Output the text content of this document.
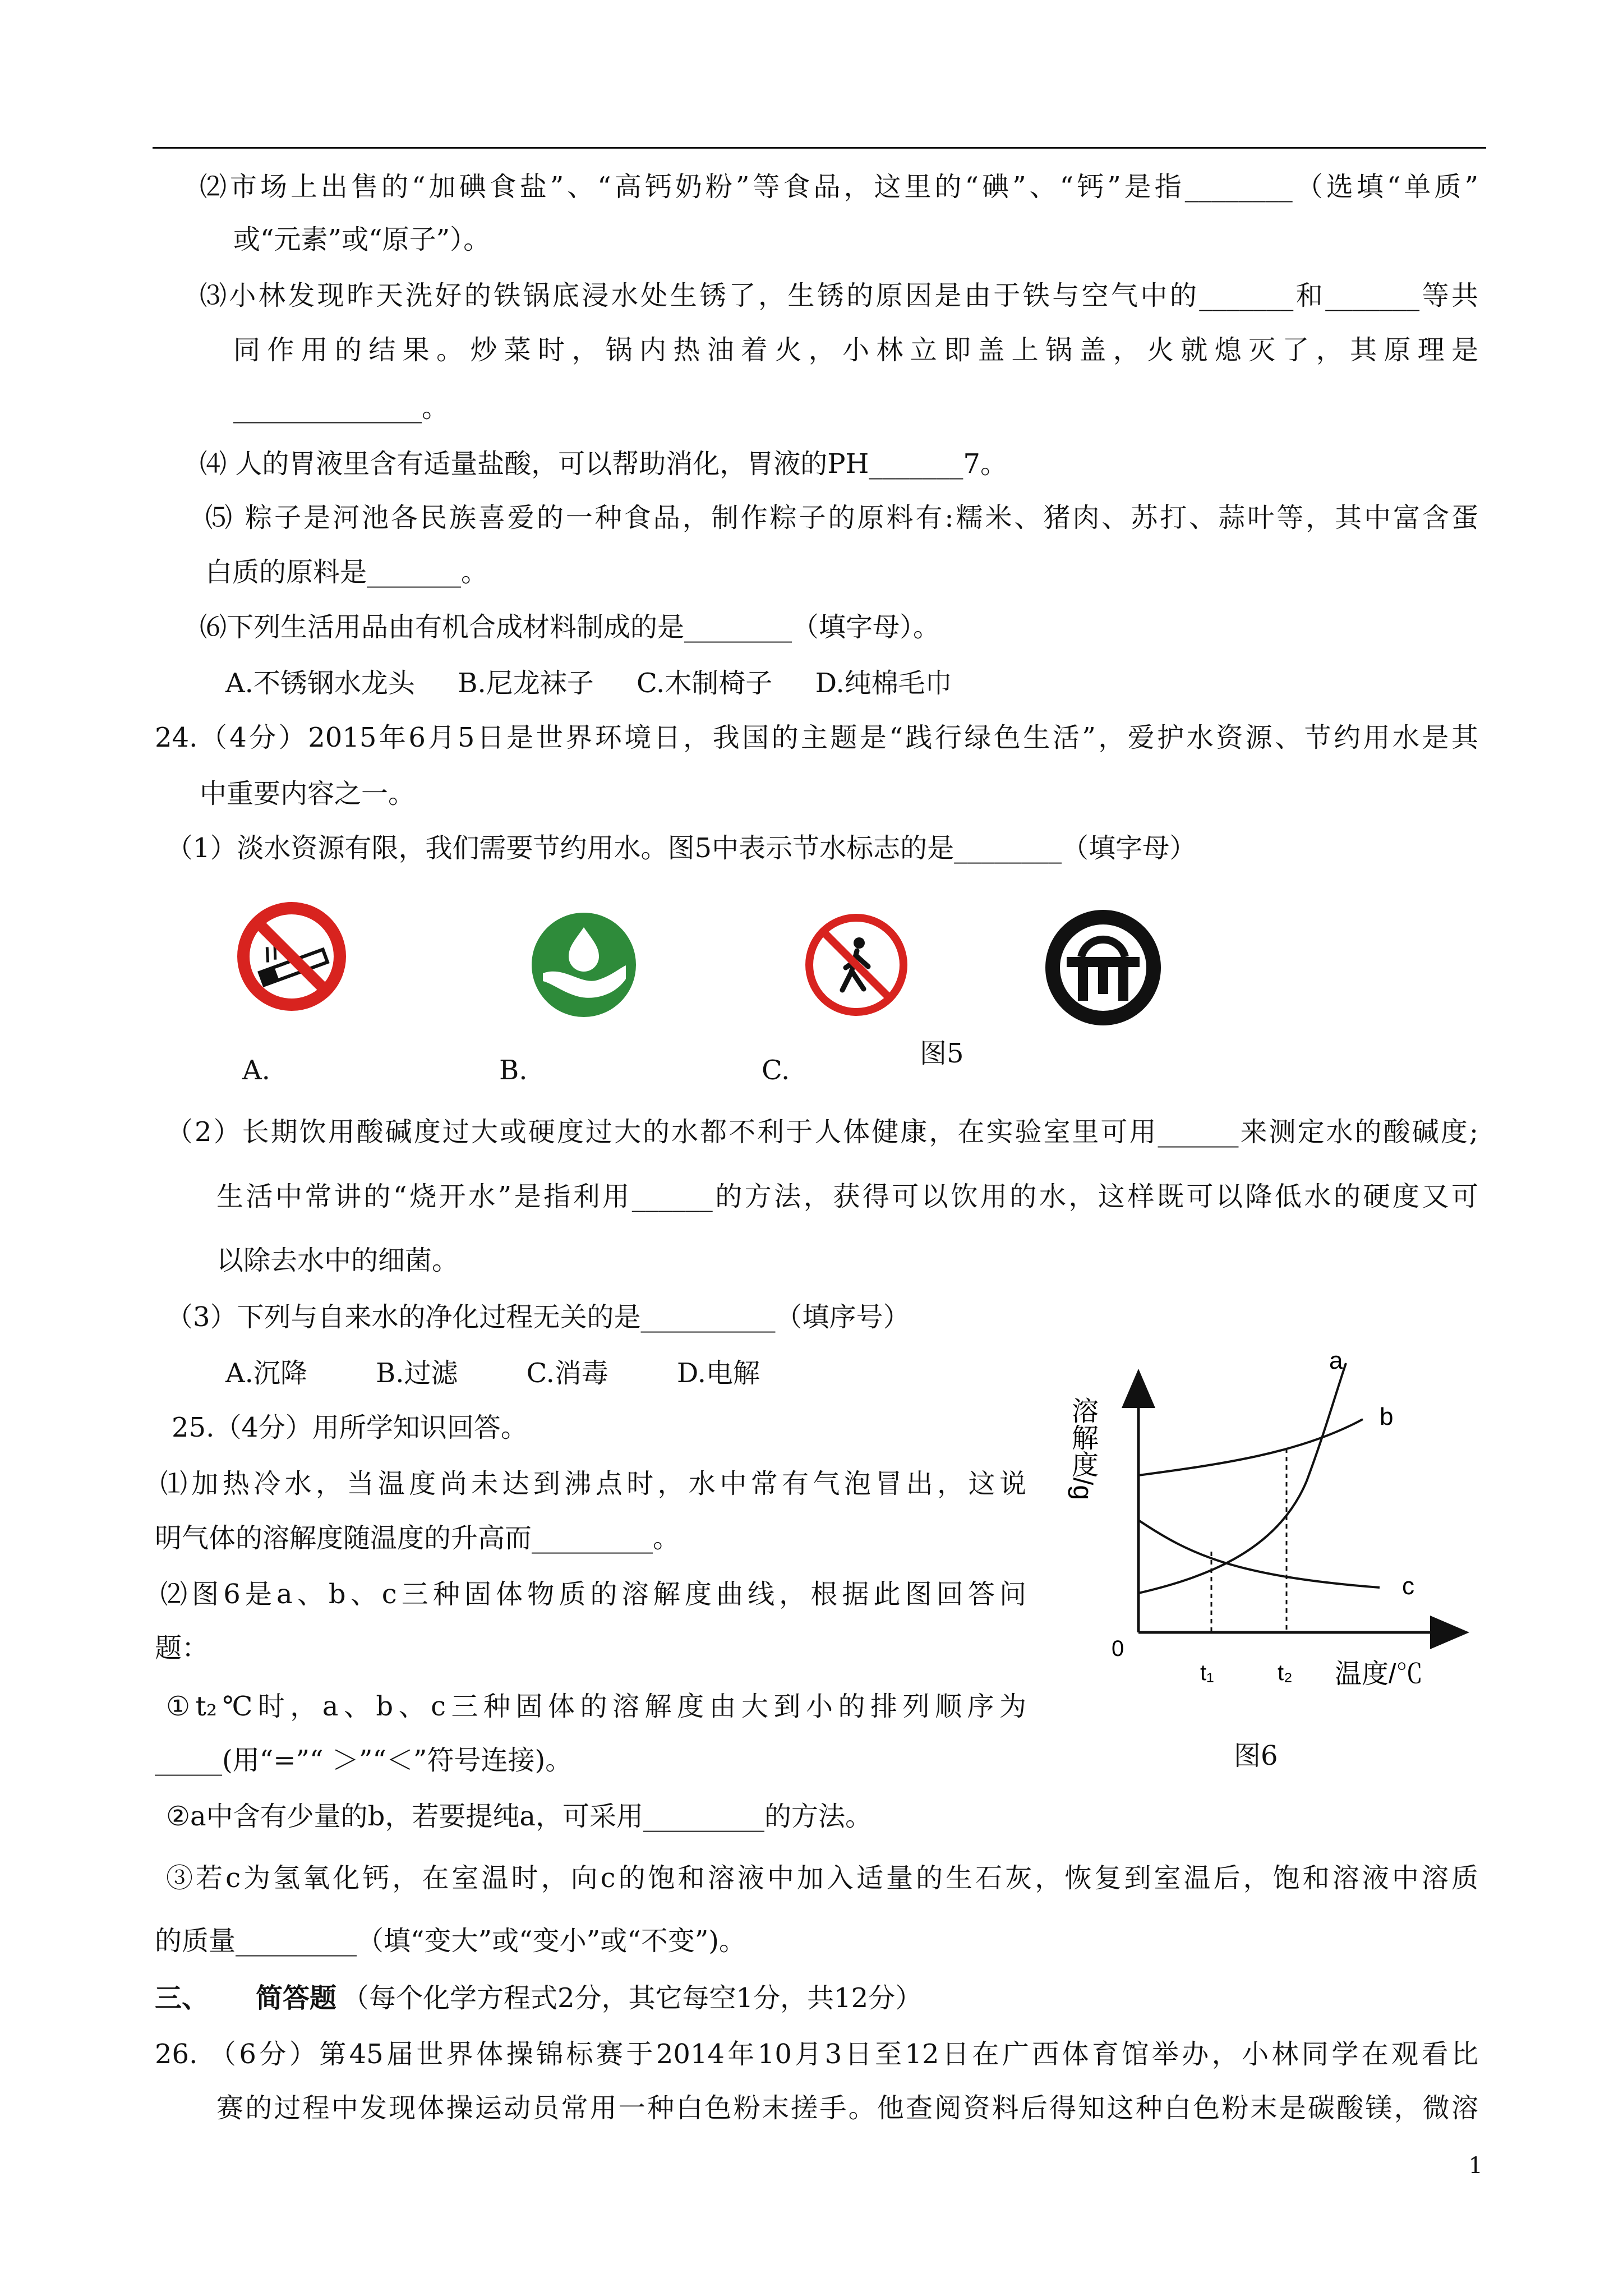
⑵市场上出售的“加碘食盐”、“高钙奶粉”等食品，这里的“碘”、“钙”是指________（选填“单质”
或“元素”或“原子”）。
⑶小林发现昨天洗好的铁锅底浸水处生锈了，生锈的原因是由于铁与空气中的_______和_______等共
同作用的结果。炒菜时，锅内热油着火，小林立即盖上锅盖，火就熄灭了，其原理是
______________。
⑷ 人的胃液里含有适量盐酸，可以帮助消化，胃液的PH_______7。
⑸ 粽子是河池各民族喜爱的一种食品，制作粽子的原料有:糯米、猪肉、苏打、蒜叶等，其中富含蛋
白质的原料是_______。
⑹下列生活用品由有机合成材料制成的是________（填字母）。
A.不锈钢水龙头     B.尼龙袜子     C.木制椅子     D.纯棉毛巾
24.（4分）2015年6月5日是世界环境日，我国的主题是“践行绿色生活”，爱护水资源、节约用水是其
中重要内容之一。
（1）淡水资源有限，我们需要节约用水。图5中表示节水标志的是________（填字母）
A.	B.	C.
图5
（2）长期饮用酸碱度过大或硬度过大的水都不利于人体健康，在实验室里可用______来测定水的酸碱度;
生活中常讲的“烧开水”是指利用______的方法，获得可以饮用的水，这样既可以降低水的硬度又可
以除去水中的细菌。
（3）下列与自来水的净化过程无关的是__________（填序号）
A.沉降        B.过滤        C.消毒        D.电解
25.（4分）用所学知识回答。
⑴加热冷水，当温度尚未达到沸点时，水中常有气泡冒出，这说
明气体的溶解度随温度的升高而_________。
⑵图6是a、b、c三种固体物质的溶解度曲线，根据此图回答问
题：
①t₂℃时，a、b、c三种固体的溶解度由大到小的排列顺序为
_____(用“=”“ ＞”“＜”符号连接)。
②a中含有少量的b，若要提纯a，可采用_________的方法。
③若c为氢氧化钙，在室温时，向c的饱和溶液中加入适量的生石灰，恢复到室温后，饱和溶液中溶质
的质量_________（填“变大”或“变小”或“不变”)。
三、 简答题 （每个化学方程式2分，其它每空1分，共12分）
26. （6分）第45届世界体操锦标赛于2014年10月3日至12日在广西体育馆举办，小林同学在观看比
赛的过程中发现体操运动员常用一种白色粉末搓手。他查阅资料后得知这种白色粉末是碳酸镁，微溶
a
b
c
0
t₁	t₂ 温度/℃
溶解度/g
图6
1
